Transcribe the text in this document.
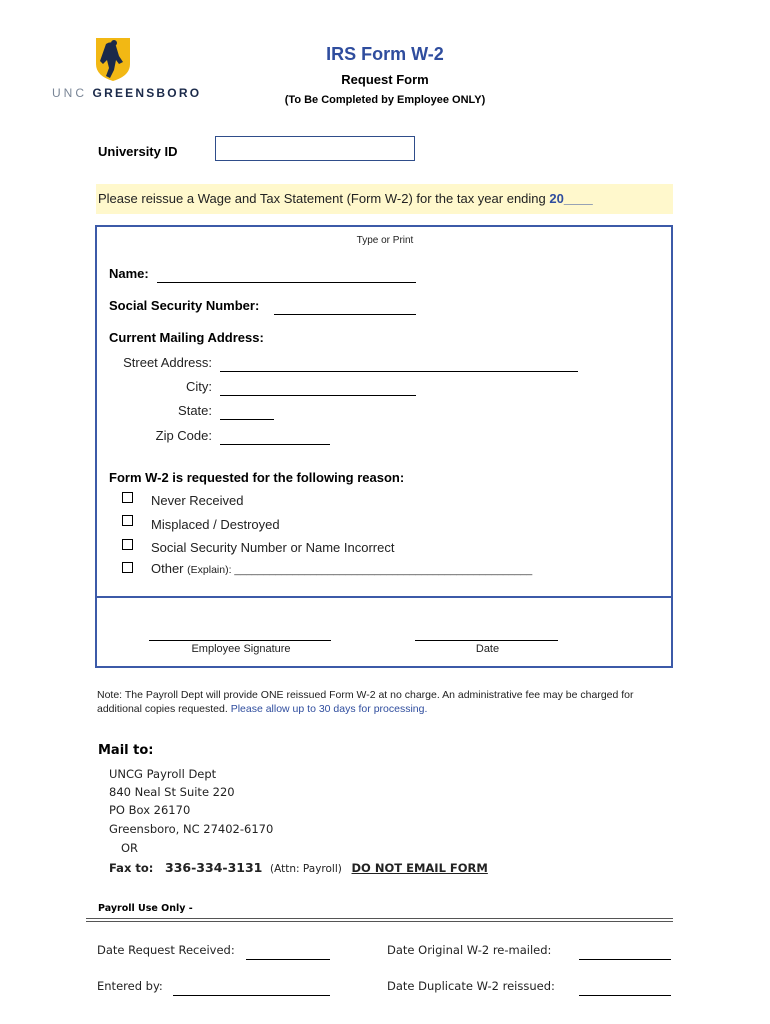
UNC GREENSBORO
IRS Form W-2
Request Form
(To Be Completed by Employee ONLY)
University ID
Please reissue a Wage and Tax Statement (Form W-2) for the tax year ending 20____
Type or Print
Name:
Social Security Number:
Current Mailing Address:
Street Address:
City:
State:
Zip Code:
Form W-2 is requested for the following reason:
Never Received
Misplaced / Destroyed
Social Security Number or Name Incorrect
Other (Explain): ___________________________________________________
Employee Signature	Date
Note: The Payroll Dept will provide ONE reissued Form W-2 at no charge. An administrative fee may be charged for additional copies requested. Please allow up to 30 days for processing.
Mail to:
UNCG Payroll Dept
840 Neal St Suite 220
PO Box 26170
Greensboro, NC 27402-6170
OR
Fax to: 336-334-3131 (Attn: Payroll) DO NOT EMAIL FORM
Payroll Use Only -
Date Request Received:	Date Original W-2 re-mailed:
Entered by:	Date Duplicate W-2 reissued:
